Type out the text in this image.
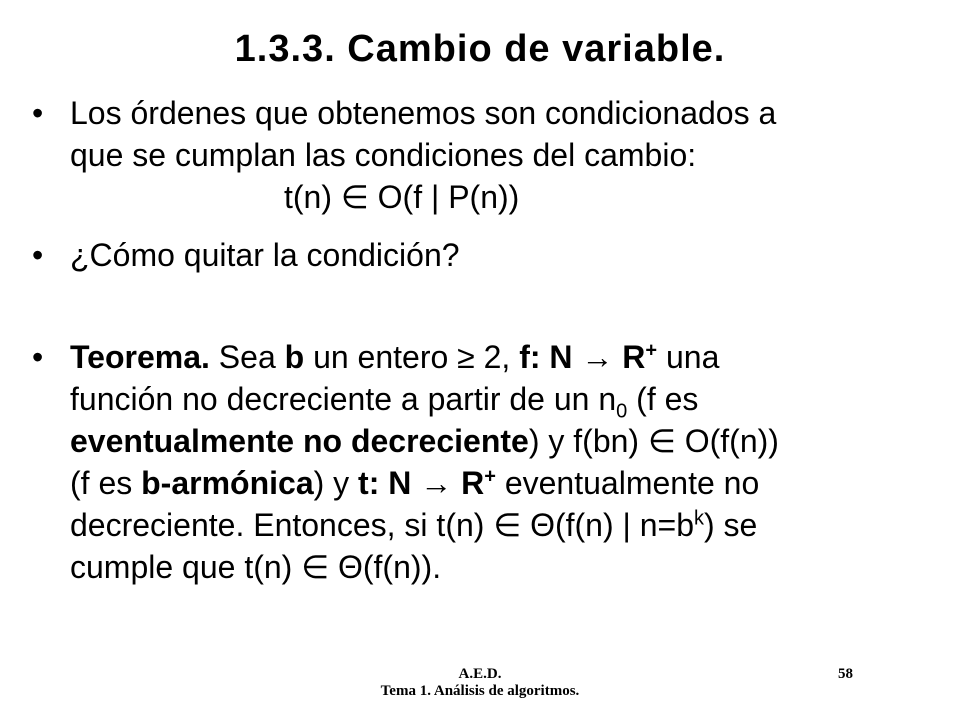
1.3.3. Cambio de variable.
• Los órdenes que obtenemos son condicionados a
que se cumplan las condiciones del cambio:
t(n) ∈ O(f | P(n))
• ¿Cómo quitar la condición?
• Teorema. Sea b un entero ≥ 2, f: N → R+ una
función no decreciente a partir de un $n_0$ (f es
eventualmente no decreciente) y f(bn) ∈ O(f(n))
(f es b-armónica) y t: N → R+ eventualmente no
decreciente. Entonces, si t(n) ∈ Θ(f(n) | $n=b^k$) se
cumple que t(n) ∈ Θ(f(n)).
A.E.D.
Tema 1. Análisis de algoritmos.
58
